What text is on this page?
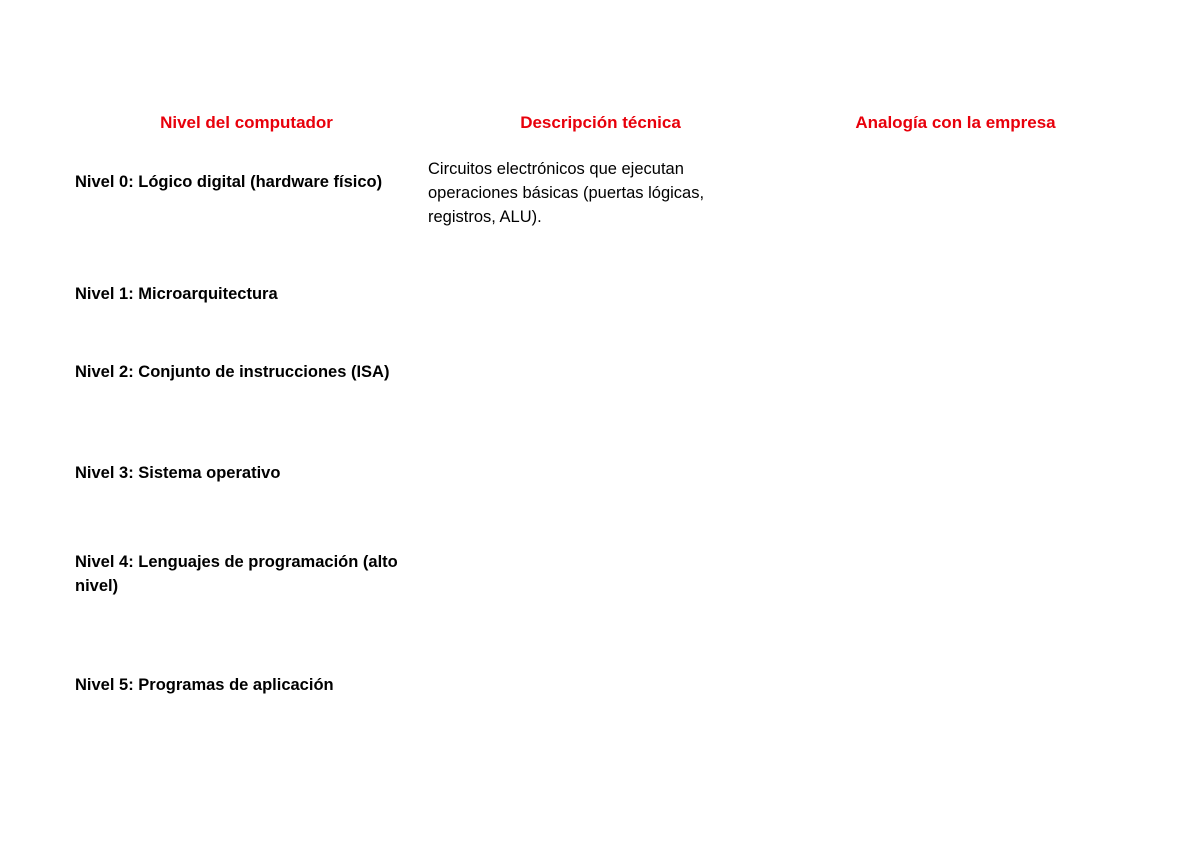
Nivel del computador	Descripción técnica	Analogía con la empresa
Nivel 0: Lógico digital (hardware físico)
Circuitos electrónicos que ejecutan operaciones básicas (puertas lógicas, registros, ALU).
Nivel 1: Microarquitectura
Nivel 2: Conjunto de instrucciones (ISA)
Nivel 3: Sistema operativo
Nivel 4: Lenguajes de programación (alto nivel)
Nivel 5: Programas de aplicación
